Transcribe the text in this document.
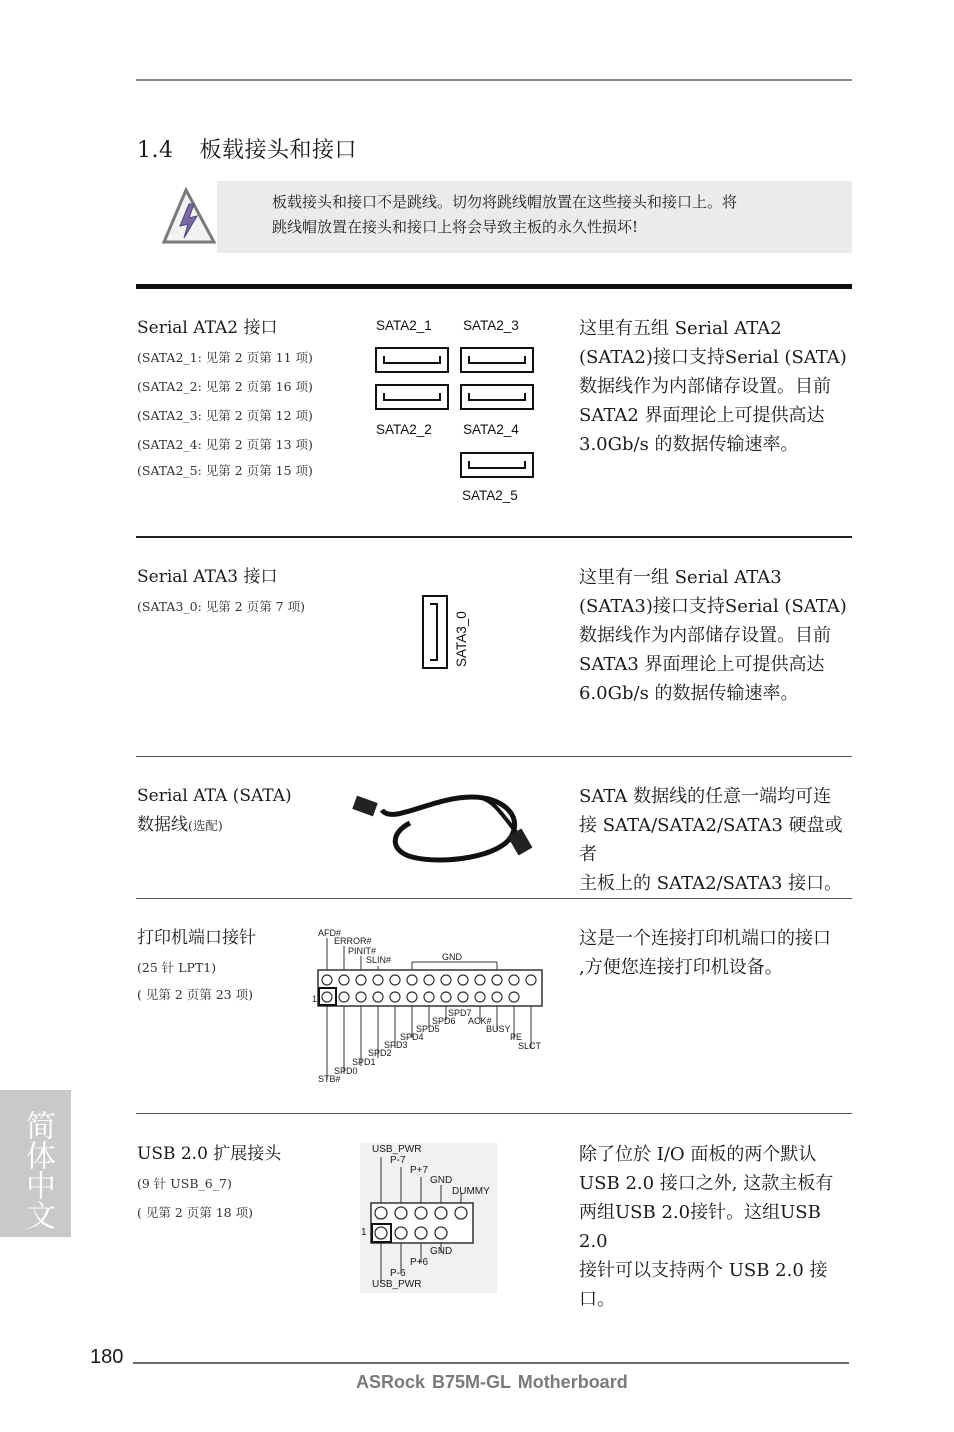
1.4 板载接头和接口
板载接头和接口不是跳线。切勿将跳线帽放置在这些接头和接口上。将
跳线帽放置在接头和接口上将会导致主板的永久性损坏!
Serial ATA2 接口
(SATA2_1: 见第 2 页第 11 项)
(SATA2_2: 见第 2 页第 16 项)
(SATA2_3: 见第 2 页第 12 项)
(SATA2_4: 见第 2 页第 13 项)
(SATA2_5: 见第 2 页第 15 项)
SATA2_1 SATA2_3
SATA2_2 SATA2_4
SATA2_5
这里有五组 Serial ATA2
(SATA2)接口支持Serial (SATA)
数据线作为内部储存设置。目前
SATA2 界面理论上可提供高达
3.0Gb/s 的数据传输速率。
Serial ATA3 接口
(SATA3_0: 见第 2 页第 7 项)
SATA3_0
这里有一组 Serial ATA3
(SATA3)接口支持Serial (SATA)
数据线作为内部储存设置。目前
SATA3 界面理论上可提供高达
6.0Gb/s 的数据传输速率。
Serial ATA (SATA)
数据线(选配)
SATA 数据线的任意一端均可连
接 SATA/SATA2/SATA3 硬盘或者
主板上的 SATA2/SATA3 接口。
打印机端口接针
(25 针 LPT1)
( 见第 2 页第 23 项)
AFD#
ERROR#
PINIT#
SLIN#	GND
1
SPD7
SPD6 ACK#
SPD5	BUSY
SPD4	PE
SPD3	SLCT
SPD2
SPD1
SPD0
STB#
这是一个连接打印机端口的接口
,方便您连接打印机设备。
USB 2.0 扩展接头
(9 针 USB_6_7)
( 见第 2 页第 18 项)
USB_PWR
P-7
P+7
GND
DUMMY
1
GND
P+6
P-6
USB_PWR
除了位於 I/O 面板的两个默认
USB 2.0 接口之外, 这款主板有
两组USB 2.0接针。这组USB 2.0
接针可以支持两个 USB 2.0 接
口。
简体中文
180
ASRock B75M-GL Motherboard
